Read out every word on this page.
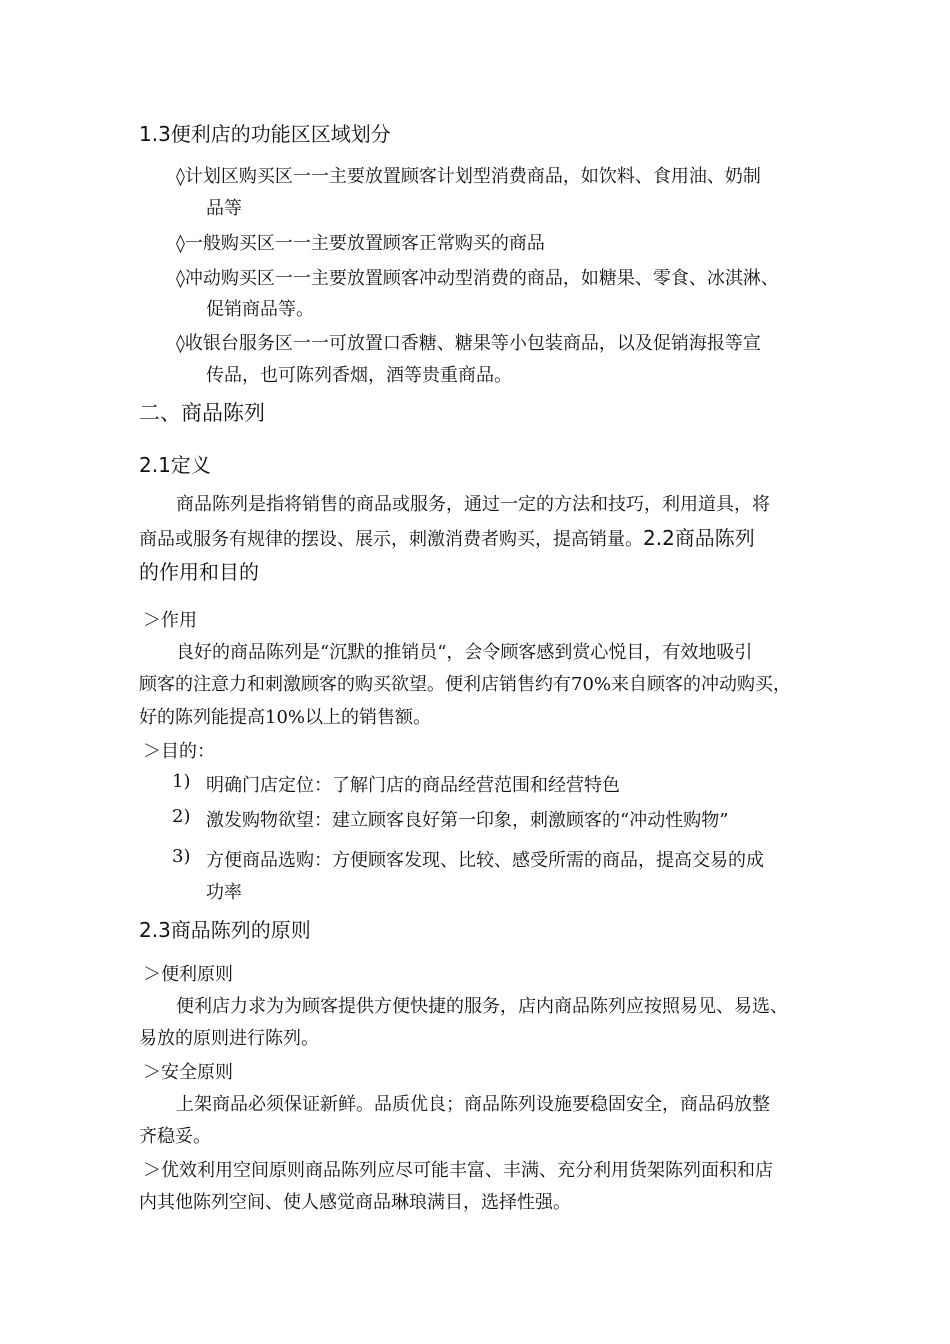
1.3便利店的功能区区域划分
◊计划区购买区一一主要放置顾客计划型消费商品，如饮料、食用油、奶制
品等
◊一般购买区一一主要放置顾客正常购买的商品
◊冲动购买区一一主要放置顾客冲动型消费的商品，如糖果、零食、冰淇淋、
促销商品等。
◊收银台服务区一一可放置口香糖、糖果等小包装商品，以及促销海报等宣
传品，也可陈列香烟，酒等贵重商品。
二、商品陈列
2.1定义
商品陈列是指将销售的商品或服务，通过一定的方法和技巧，利用道具，将
商品或服务有规律的摆设、展示，刺激消费者购买，提高销量。2.2商品陈列
的作用和目的
＞作用
良好的商品陈列是“沉默的推销员“，会令顾客感到赏心悦目，有效地吸引
顾客的注意力和刺激顾客的购买欲望。便利店销售约有70%来自顾客的冲动购买，
好的陈列能提高10%以上的销售额。
＞目的：
1) 明确门店定位：了解门店的商品经营范围和经营特色
2) 激发购物欲望：建立顾客良好第一印象，刺激顾客的“冲动性购物”
3) 方便商品选购：方便顾客发现、比较、感受所需的商品，提高交易的成
功率
2.3商品陈列的原则
＞便利原则
便利店力求为为顾客提供方便快捷的服务，店内商品陈列应按照易见、易选、
易放的原则进行陈列。
＞安全原则
上架商品必须保证新鲜。品质优良；商品陈列设施要稳固安全，商品码放整
齐稳妥。
＞优效利用空间原则商品陈列应尽可能丰富、丰满、充分利用货架陈列面积和店
内其他陈列空间、使人感觉商品琳琅满目，选择性强。
